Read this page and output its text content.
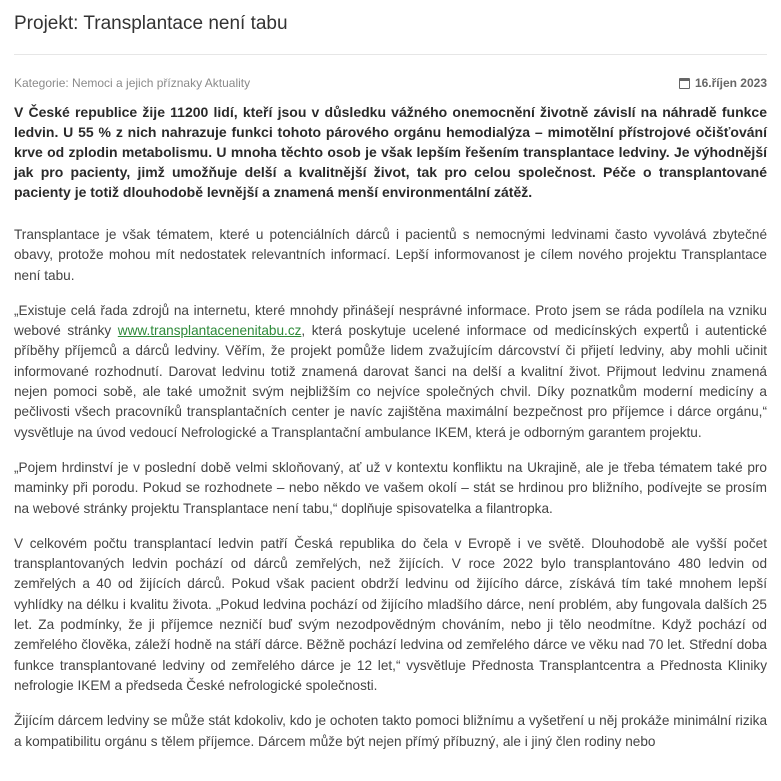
Projekt: Transplantace není tabu
Kategorie: Nemoci a jejich příznaky Aktuality	16.říjen 2023

V České republice žije 11200 lidí, kteří jsou v důsledku vážného onemocnění životně závislí na náhradě funkce ledvin. U 55 % z nich nahrazuje funkci tohoto párového orgánu hemodialýza – mimotělní přístrojové očišťování krve od zplodin metabolismu. U mnoha těchto osob je však lepším řešením transplantace ledviny. Je výhodnější jak pro pacienty, jimž umožňuje delší a kvalitnější život, tak pro celou společnost. Péče o transplantované pacienty je totiž dlouhodobě levnější a znamená menší environmentální zátěž.

Transplantace je však tématem, které u potenciálních dárců i pacientů s nemocnými ledvinami často vyvolává zbytečné obavy, protože mohou mít nedostatek relevantních informací. Lepší informovanost je cílem nového projektu Transplantace není tabu.

„Existuje celá řada zdrojů na internetu, které mnohdy přinášejí nesprávné informace. Proto jsem se ráda podílela na vzniku webové stránky www.transplantacenenitabu.cz, která poskytuje ucelené informace od medicínských expertů i autentické příběhy příjemců a dárců ledviny. Věřím, že projekt pomůže lidem zvažujícím dárcovství či přijetí ledviny, aby mohli učinit informované rozhodnutí. Darovat ledvinu totiž znamená darovat šanci na delší a kvalitní život. Přijmout ledvinu znamená nejen pomoci sobě, ale také umožnit svým nejbližším co nejvíce společných chvil. Díky poznatkům moderní medicíny a pečlivosti všech pracovníků transplantačních center je navíc zajištěna maximální bezpečnost pro příjemce i dárce orgánu,“ vysvětluje na úvod vedoucí Nefrologické a Transplantační ambulance IKEM, která je odborným garantem projektu.

„Pojem hrdinství je v poslední době velmi skloňovaný, ať už v kontextu konfliktu na Ukrajině, ale je třeba tématem také pro maminky při porodu. Pokud se rozhodnete – nebo někdo ve vašem okolí – stát se hrdinou pro bližního, podívejte se prosím na webové stránky projektu Transplantace není tabu,“ doplňuje spisovatelka a filantropka.

V celkovém počtu transplantací ledvin patří Česká republika do čela v Evropě i ve světě. Dlouhodobě ale vyšší počet transplantovaných ledvin pochází od dárců zemřelých, než žijících. V roce 2022 bylo transplantováno 480 ledvin od zemřelých a 40 od žijících dárců. Pokud však pacient obdrží ledvinu od žijícího dárce, získává tím také mnohem lepší vyhlídky na délku i kvalitu života. „Pokud ledvina pochází od žijícího mladšího dárce, není problém, aby fungovala dalších 25 let. Za podmínky, že ji příjemce nezničí buď svým nezodpovědným chováním, nebo ji tělo neodmítne. Když pochází od zemřelého člověka, záleží hodně na stáří dárce. Běžně pochází ledvina od zemřelého dárce ve věku nad 70 let. Střední doba funkce transplantované ledviny od zemřelého dárce je 12 let,“ vysvětluje Přednosta Transplantcentra a Přednosta Kliniky nefrologie IKEM a předseda České nefrologické společnosti.

Žijícím dárcem ledviny se může stát kdokoliv, kdo je ochoten takto pomoci bližnímu a vyšetření u něj prokáže minimální rizika a kompatibilitu orgánu s tělem příjemce. Dárcem může být nejen přímý příbuzný, ale i jiný člen rodiny nebo
